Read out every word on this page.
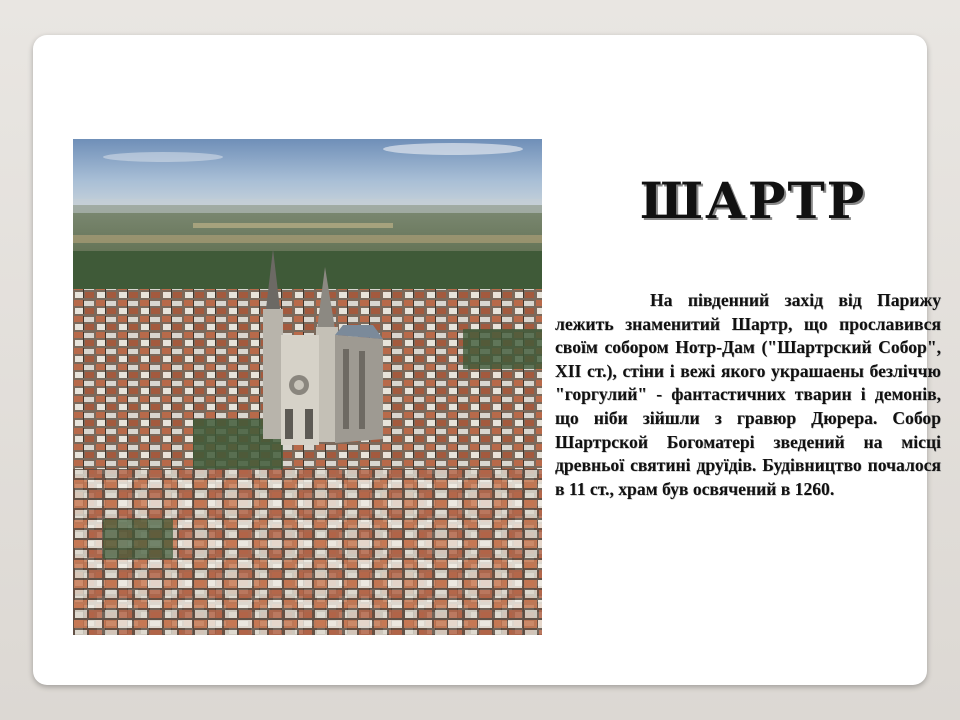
ШАРТР

На південний захід від Парижу лежить знаменитий Шартр, що прославився своїм собором Нотр-Дам ("Шартрский Собор", XII ст.), стіни і вежі якого украшаены безліччю "горгулий" - фантастичних тварин і демонів, що ніби зійшли з гравюр Дюрера. Собор Шартрской Богоматері зведений на місці древньої святині друїдів. Будівництво почалося в 11 ст., храм був освячений в 1260.
